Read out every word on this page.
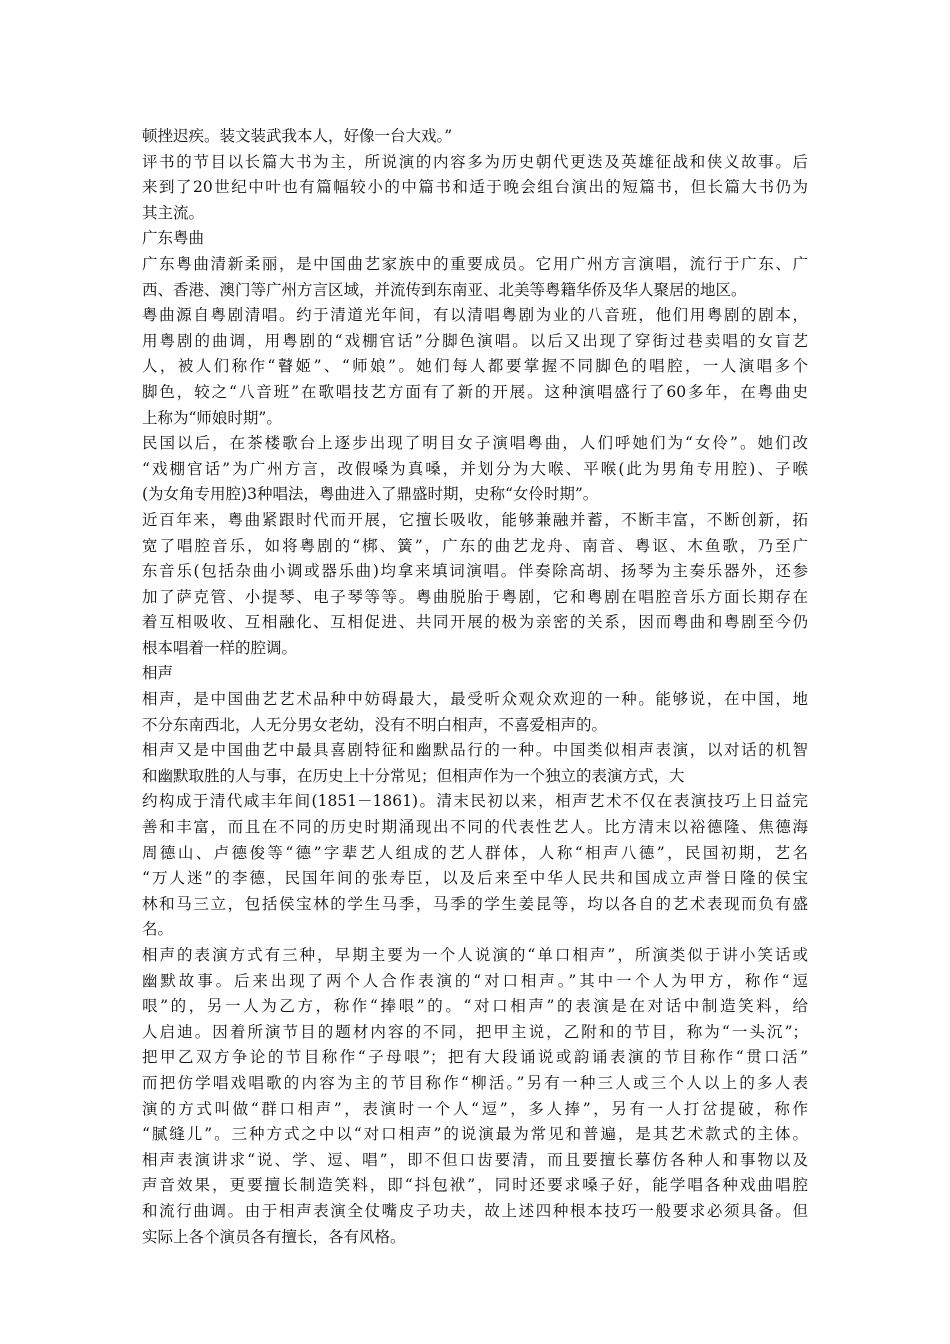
顿挫迟疾。装文装武我本人，好像一台大戏。”
评书的节目以长篇大书为主，所说演的内容多为历史朝代更迭及英雄征战和侠义故事。后
来到了20世纪中叶也有篇幅较小的中篇书和适于晚会组台演出的短篇书，但长篇大书仍为
其主流。
广东粤曲
广东粤曲清新柔丽，是中国曲艺家族中的重要成员。它用广州方言演唱，流行于广东、广
西、香港、澳门等广州方言区域，并流传到东南亚、北美等粤籍华侨及华人聚居的地区。
粤曲源自粤剧清唱。约于清道光年间，有以清唱粤剧为业的八音班，他们用粤剧的剧本，
用粤剧的曲调，用粤剧的“戏棚官话”分脚色演唱。以后又出现了穿街过巷卖唱的女盲艺
人，被人们称作“瞽姬”、“师娘”。她们每人都要掌握不同脚色的唱腔，一人演唱多个
脚色，较之“八音班”在歌唱技艺方面有了新的开展。这种演唱盛行了60多年，在粤曲史
上称为“师娘时期”。
民国以后，在茶楼歌台上逐步出现了明目女子演唱粤曲，人们呼她们为“女伶”。她们改
“戏棚官话”为广州方言，改假嗓为真嗓，并划分为大喉、平喉(此为男角专用腔)、子喉
(为女角专用腔)3种唱法，粤曲进入了鼎盛时期，史称“女伶时期”。
近百年来，粤曲紧跟时代而开展，它擅长吸收，能够兼融并蓄，不断丰富，不断创新，拓
宽了唱腔音乐，如将粤剧的“梆、簧”，广东的曲艺龙舟、南音、粤讴、木鱼歌，乃至广
东音乐(包括杂曲小调或器乐曲)均拿来填词演唱。伴奏除高胡、扬琴为主奏乐器外，还参
加了萨克管、小提琴、电子琴等等。粤曲脱胎于粤剧，它和粤剧在唱腔音乐方面长期存在
着互相吸收、互相融化、互相促进、共同开展的极为亲密的关系，因而粤曲和粤剧至今仍
根本唱着一样的腔调。
相声
相声，是中国曲艺艺术品种中妨碍最大，最受听众观众欢迎的一种。能够说，在中国，地
不分东南西北，人无分男女老幼，没有不明白相声，不喜爱相声的。
相声又是中国曲艺中最具喜剧特征和幽默品行的一种。中国类似相声表演，以对话的机智
和幽默取胜的人与事，在历史上十分常见；但相声作为一个独立的表演方式，大
约构成于清代咸丰年间(1851－1861)。清末民初以来，相声艺术不仅在表演技巧上日益完
善和丰富，而且在不同的历史时期涌现出不同的代表性艺人。比方清末以裕德隆、焦德海
周德山、卢德俊等“德”字辈艺人组成的艺人群体，人称“相声八德”，民国初期，艺名
“万人迷”的李德，民国年间的张寿臣，以及后来至中华人民共和国成立声誉日隆的侯宝
林和马三立，包括侯宝林的学生马季，马季的学生姜昆等，均以各自的艺术表现而负有盛
名。
相声的表演方式有三种，早期主要为一个人说演的“单口相声”，所演类似于讲小笑话或
幽默故事。后来出现了两个人合作表演的“对口相声。”其中一个人为甲方，称作“逗
哏”的，另一人为乙方，称作“捧哏”的。“对口相声”的表演是在对话中制造笑料，给
人启迪。因着所演节目的题材内容的不同，把甲主说，乙附和的节目，称为“一头沉”；
把甲乙双方争论的节目称作“子母哏”；把有大段诵说或韵诵表演的节目称作“贯口活”
而把仿学唱戏唱歌的内容为主的节目称作“柳活。”另有一种三人或三个人以上的多人表
演的方式叫做“群口相声”，表演时一个人“逗”，多人捧”，另有一人打岔提破，称作
“腻缝儿”。三种方式之中以“对口相声”的说演最为常见和普遍，是其艺术款式的主体。
相声表演讲求“说、学、逗、唱”，即不但口齿要清，而且要擅长摹仿各种人和事物以及
声音效果，更要擅长制造笑料，即“抖包袱”，同时还要求嗓子好，能学唱各种戏曲唱腔
和流行曲调。由于相声表演全仗嘴皮子功夫，故上述四种根本技巧一般要求必须具备。但
实际上各个演员各有擅长，各有风格。
